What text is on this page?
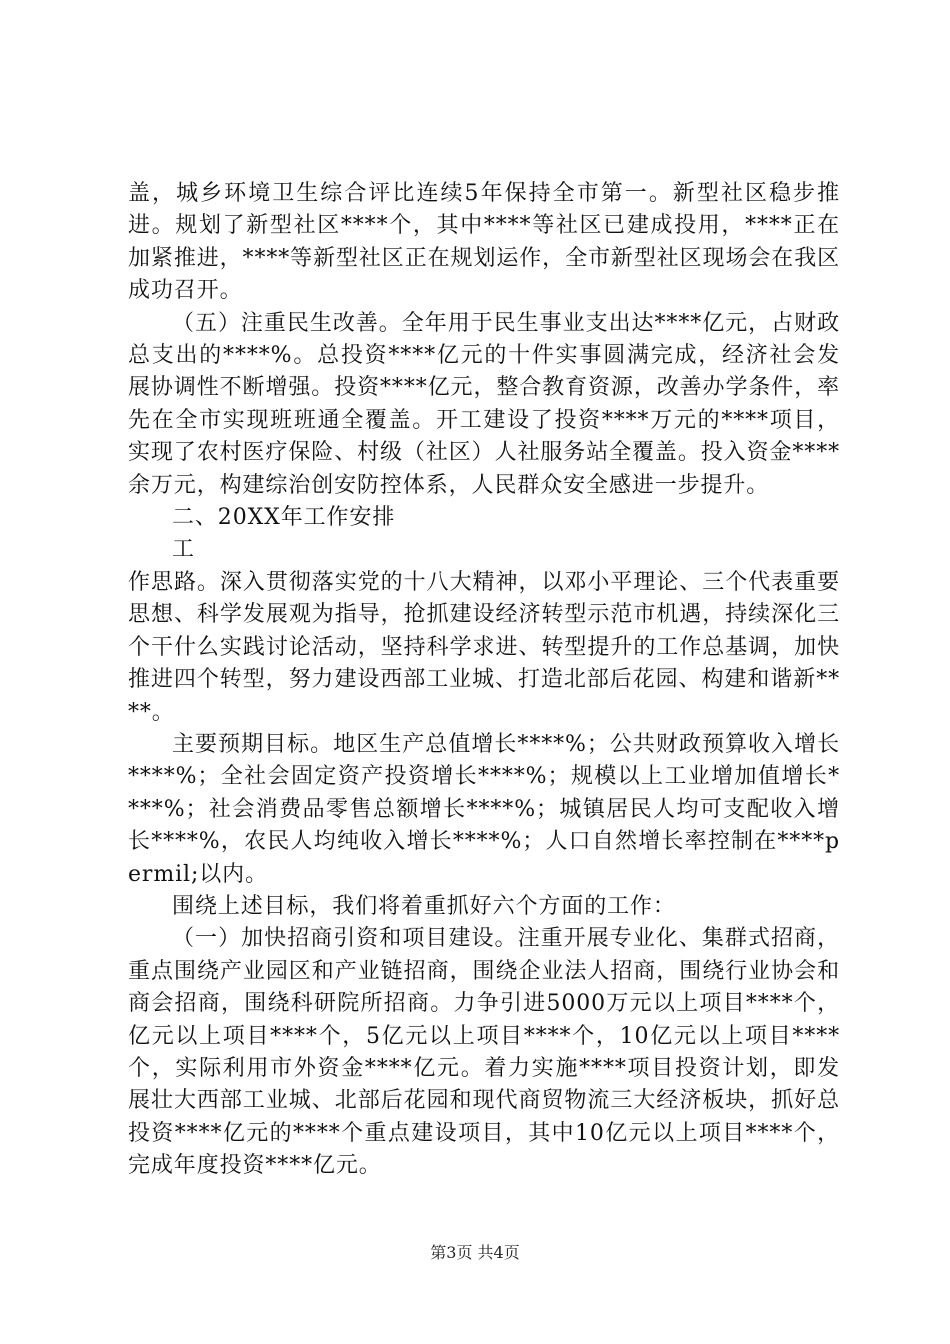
盖，城乡环境卫生综合评比连续5年保持全市第一。新型社区稳步推进。规划了新型社区****个，其中****等社区已建成投用，****正在加紧推进，****等新型社区正在规划运作，全市新型社区现场会在我区成功召开。

（五）注重民生改善。全年用于民生事业支出达****亿元，占财政总支出的****%。总投资****亿元的十件实事圆满完成，经济社会发展协调性不断增强。投资****亿元，整合教育资源，改善办学条件，率先在全市实现班班通全覆盖。开工建设了投资****万元的****项目，实现了农村医疗保险、村级（社区）人社服务站全覆盖。投入资金****余万元，构建综治创安防控体系，人民群众安全感进一步提升。

二、20XX年工作安排

工

作思路。深入贯彻落实党的十八大精神，以邓小平理论、三个代表重要思想、科学发展观为指导，抢抓建设经济转型示范市机遇，持续深化三个干什么实践讨论活动，坚持科学求进、转型提升的工作总基调，加快推进四个转型，努力建设西部工业城、打造北部后花园、构建和谐新****。

主要预期目标。地区生产总值增长****%；公共财政预算收入增长****%；全社会固定资产投资增长****%；规模以上工业增加值增长****%；社会消费品零售总额增长****%；城镇居民人均可支配收入增长****%，农民人均纯收入增长****%；人口自然增长率控制在****permil;以内。

围绕上述目标，我们将着重抓好六个方面的工作：

（一）加快招商引资和项目建设。注重开展专业化、集群式招商，重点围绕产业园区和产业链招商，围绕企业法人招商，围绕行业协会和商会招商，围绕科研院所招商。力争引进5000万元以上项目****个，亿元以上项目****个，5亿元以上项目****个，10亿元以上项目****个，实际利用市外资金****亿元。着力实施****项目投资计划，即发展壮大西部工业城、北部后花园和现代商贸物流三大经济板块，抓好总投资****亿元的****个重点建设项目，其中10亿元以上项目****个，完成年度投资****亿元。

第3页 共4页
